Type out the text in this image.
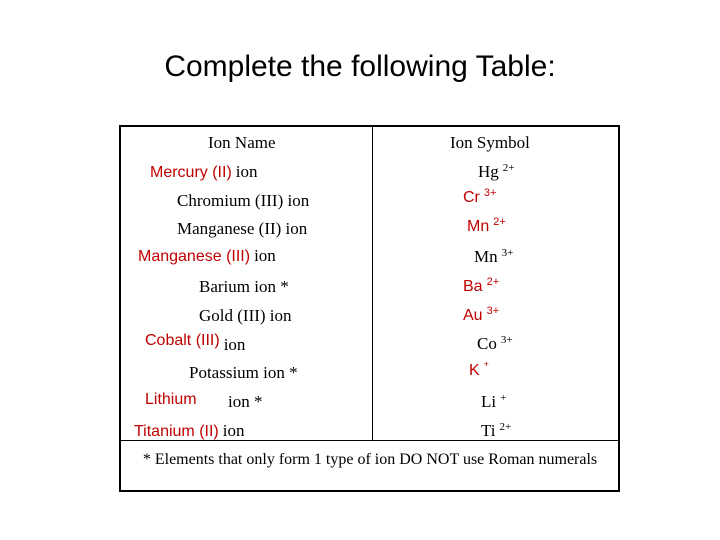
Complete the following Table:
Ion Name	Ion Symbol
Mercury (II) ion	Hg $^{2+}$
Chromium (III) ion	Cr $^{3+}$
Manganese (II) ion	Mn $^{2+}$
Manganese (III) ion	Mn $^{3+}$
Barium ion *	Ba $^{2+}$
Gold (III) ion	Au $^{3+}$
Cobalt (III) ion	Co $^{3+}$
Potassium ion *	K +
Lithium ion *	Li +
Titanium (II) ion	Ti $^{2+}$
* Elements that only form 1 type of ion DO NOT use Roman numerals
